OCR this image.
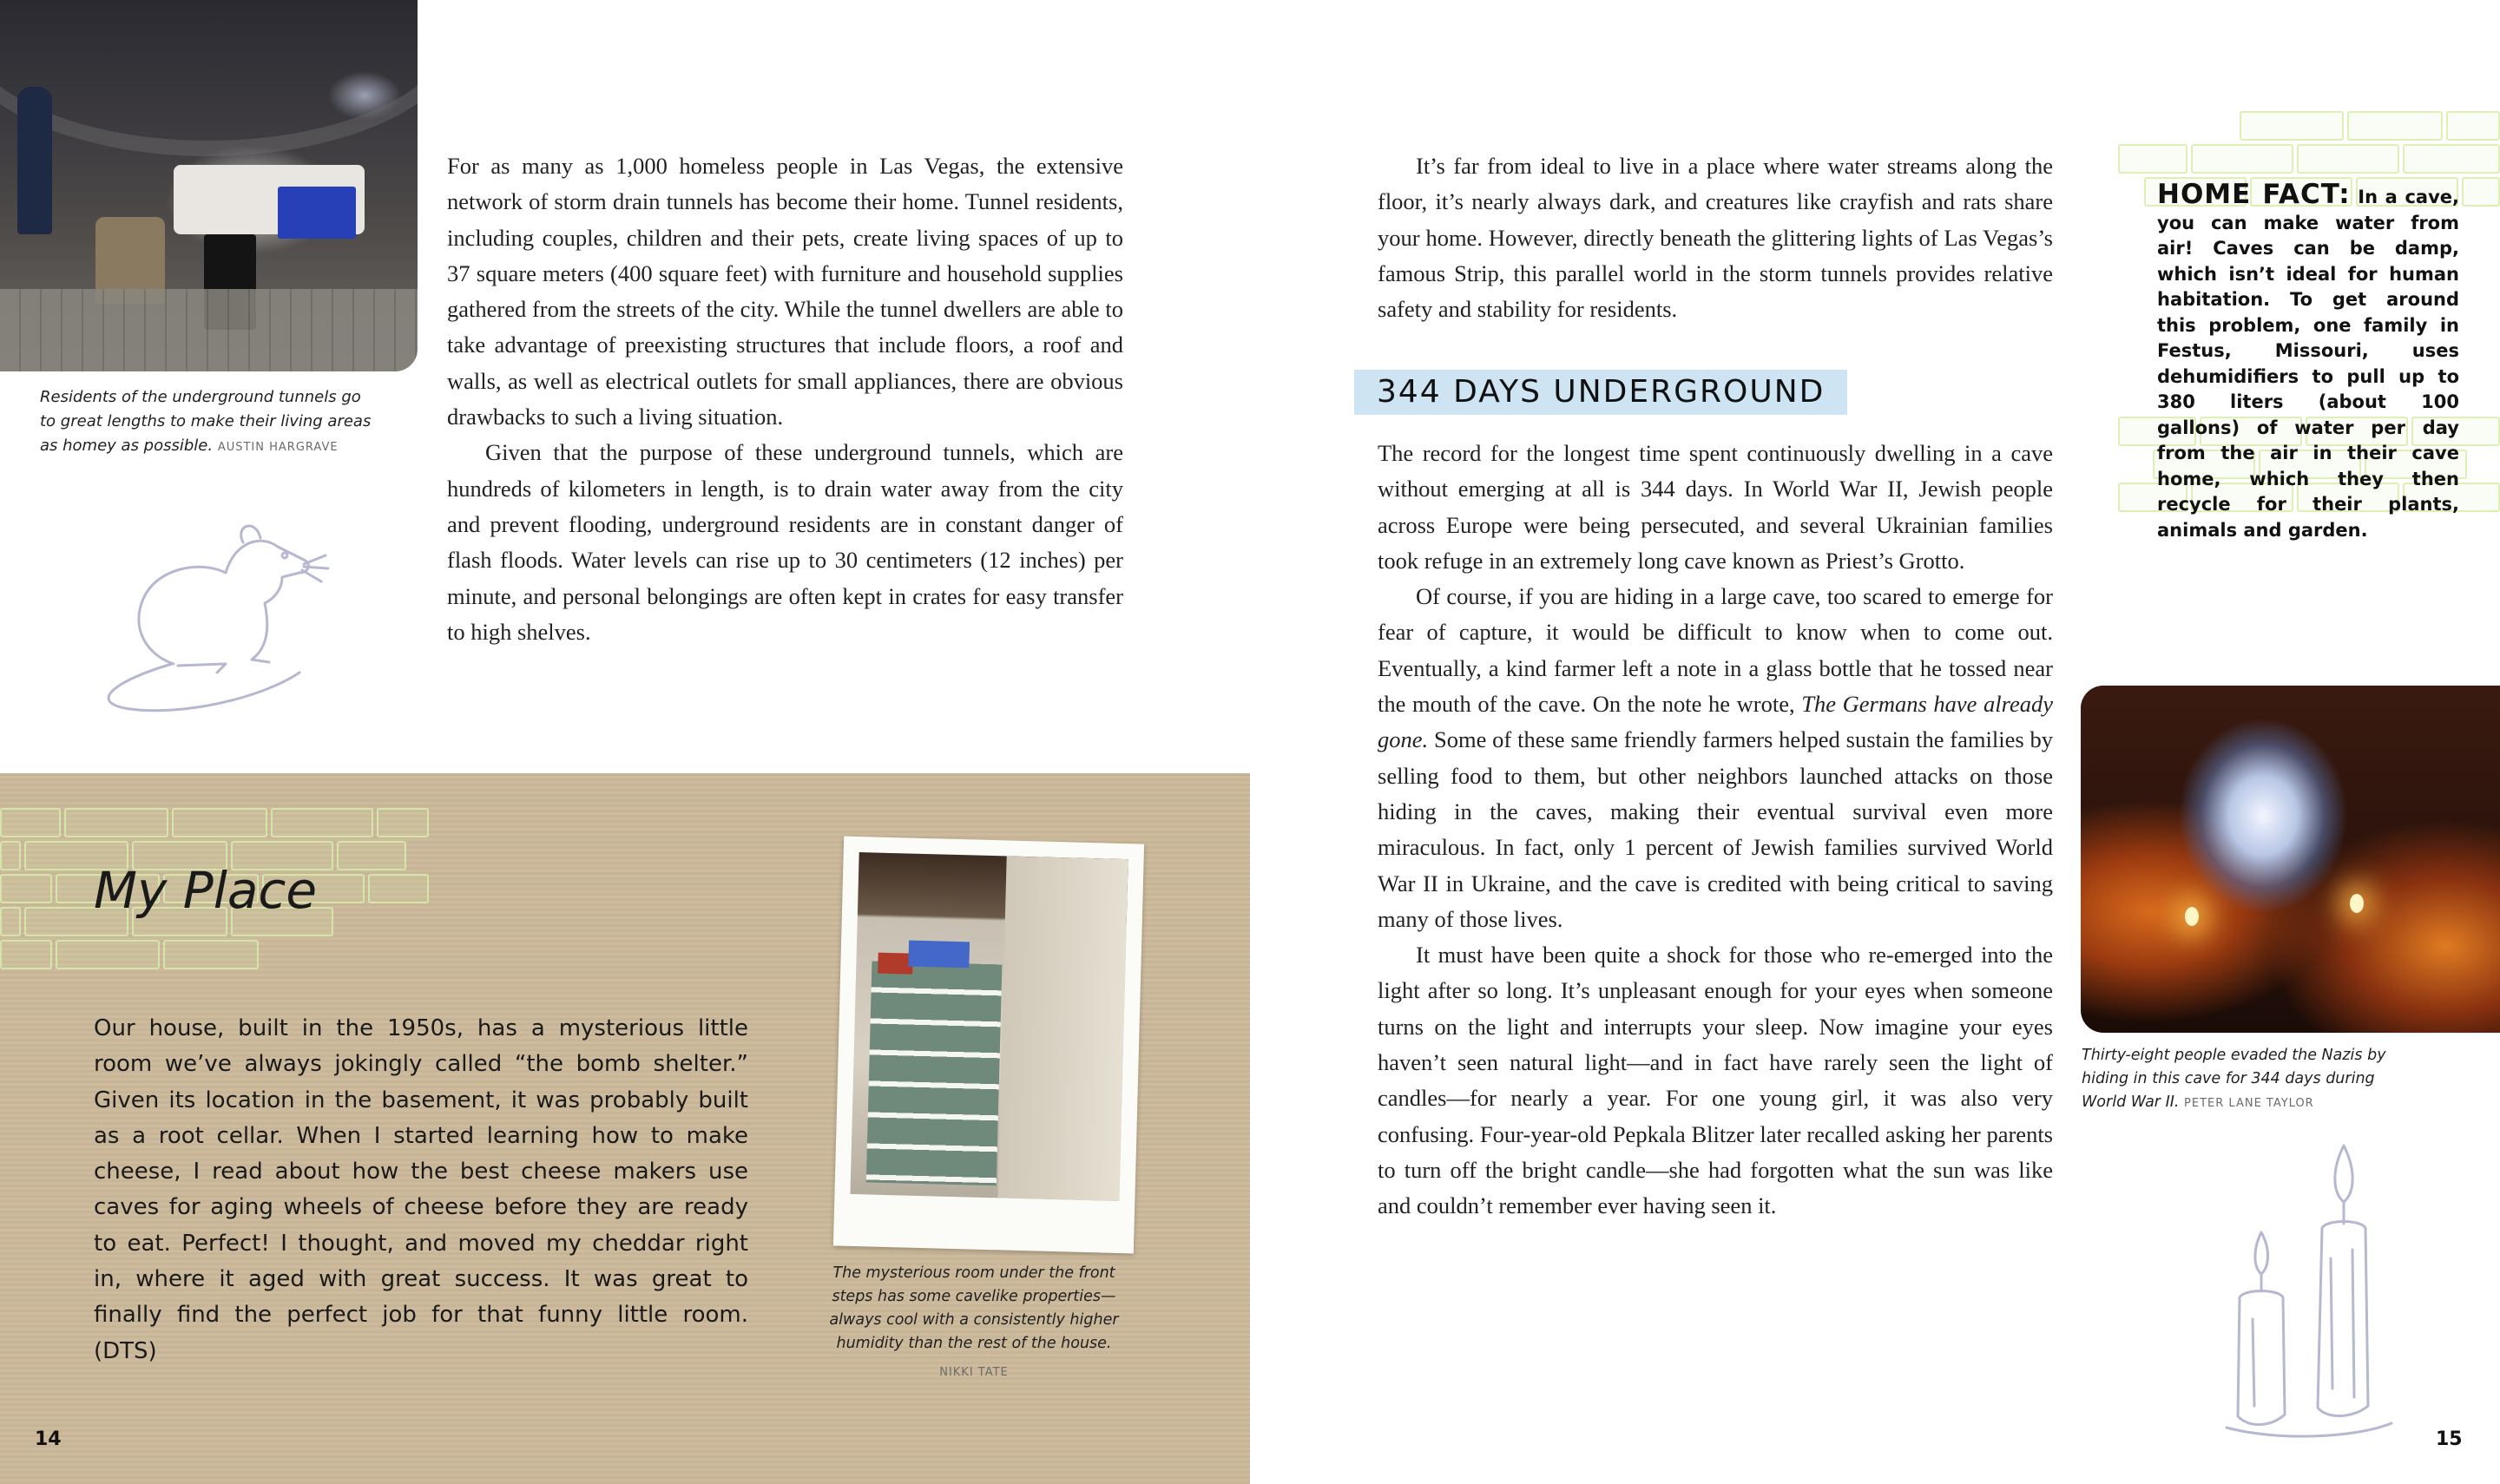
Residents of the underground tunnels go to great lengths to make their living areas as homey as possible. AUSTIN HARGRAVE

For as many as 1,000 homeless people in Las Vegas, the extensive network of storm drain tunnels has become their home. Tunnel residents, including couples, children and their pets, create living spaces of up to 37 square meters (400 square feet) with furniture and household supplies gathered from the streets of the city. While the tunnel dwellers are able to take advantage of preexisting structures that include floors, a roof and walls, as well as electrical outlets for small appliances, there are obvious drawbacks to such a living situation.

Given that the purpose of these underground tunnels, which are hundreds of kilometers in length, is to drain water away from the city and prevent flooding, underground residents are in constant danger of flash floods. Water levels can rise up to 30 centimeters (12 inches) per minute, and personal belongings are often kept in crates for easy transfer to high shelves.

My Place
Our house, built in the 1950s, has a mysterious little room we’ve always jokingly called “the bomb shelter.” Given its location in the basement, it was probably built as a root cellar. When I started learning how to make cheese, I read about how the best cheese makers use caves for aging wheels of cheese before they are ready to eat. Perfect! I thought, and moved my cheddar right in, where it aged with great success. It was great to finally find the perfect job for that funny little room. (DTS)
The mysterious room under the front steps has some cavelike properties—always cool with a consistently higher humidity than the rest of the house.
NIKKI TATE
14

It’s far from ideal to live in a place where water streams along the floor, it’s nearly always dark, and creatures like crayfish and rats share your home. However, directly beneath the glittering lights of Las Vegas’s famous Strip, this parallel world in the storm tunnels provides relative safety and stability for residents.

344 DAYS UNDERGROUND

The record for the longest time spent continuously dwelling in a cave without emerging at all is 344 days. In World War II, Jewish people across Europe were being persecuted, and several Ukrainian families took refuge in an extremely long cave known as Priest’s Grotto.

Of course, if you are hiding in a large cave, too scared to emerge for fear of capture, it would be difficult to know when to come out. Eventually, a kind farmer left a note in a glass bottle that he tossed near the mouth of the cave. On the note he wrote, The Germans have already gone. Some of these same friendly farmers helped sustain the families by selling food to them, but other neighbors launched attacks on those hiding in the caves, making their eventual survival even more miraculous. In fact, only 1 percent of Jewish families survived World War II in Ukraine, and the cave is credited with being critical to saving many of those lives.

It must have been quite a shock for those who re-emerged into the light after so long. It’s unpleasant enough for your eyes when someone turns on the light and interrupts your sleep. Now imagine your eyes haven’t seen natural light—and in fact have rarely seen the light of candles—for nearly a year. For one young girl, it was also very confusing. Four-year-old Pepkala Blitzer later recalled asking her parents to turn off the bright candle—she had forgotten what the sun was like and couldn’t remember ever having seen it.

HOME FACT: In a cave, you can make water from air! Caves can be damp, which isn’t ideal for human habitation. To get around this problem, one family in Festus, Missouri, uses dehumidifiers to pull up to 380 liters (about 100 gallons) of water per day from the air in their cave home, which they then recycle for their plants, animals and garden.
Thirty-eight people evaded the Nazis by hiding in this cave for 344 days during World War II. PETER LANE TAYLOR
15
